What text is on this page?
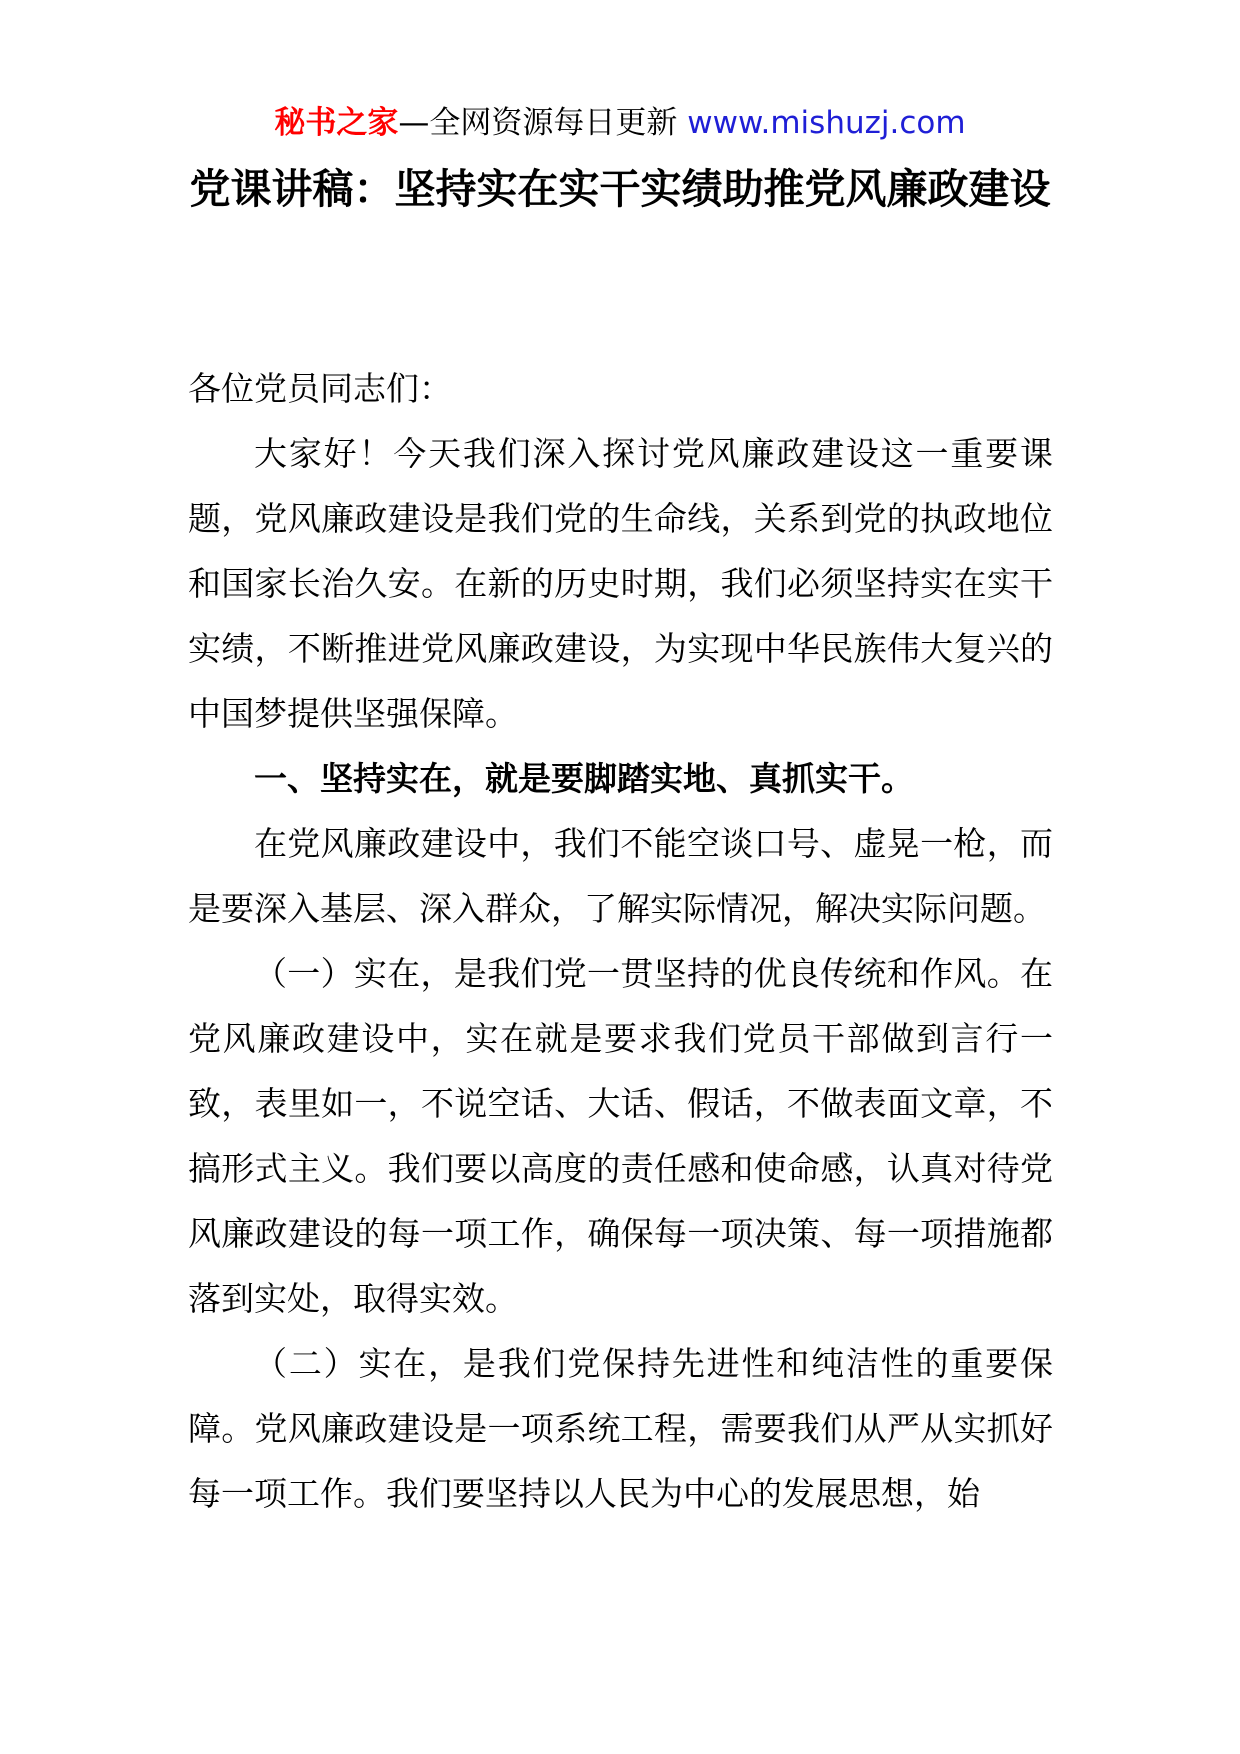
秘书之家—全网资源每日更新 www.mishuzj.com
党课讲稿：坚持实在实干实绩助推党风廉政建设

各位党员同志们：

大家好！今天我们深入探讨党风廉政建设这一重要课题，党风廉政建设是我们党的生命线，关系到党的执政地位和国家长治久安。在新的历史时期，我们必须坚持实在实干实绩，不断推进党风廉政建设，为实现中华民族伟大复兴的中国梦提供坚强保障。

一、坚持实在，就是要脚踏实地、真抓实干。

在党风廉政建设中，我们不能空谈口号、虚晃一枪，而是要深入基层、深入群众，了解实际情况，解决实际问题。

（一）实在，是我们党一贯坚持的优良传统和作风。在党风廉政建设中，实在就是要求我们党员干部做到言行一致，表里如一，不说空话、大话、假话，不做表面文章，不搞形式主义。我们要以高度的责任感和使命感，认真对待党风廉政建设的每一项工作，确保每一项决策、每一项措施都落到实处，取得实效。

（二）实在，是我们党保持先进性和纯洁性的重要保障。党风廉政建设是一项系统工程，需要我们从严从实抓好每一项工作。我们要坚持以人民为中心的发展思想，始
